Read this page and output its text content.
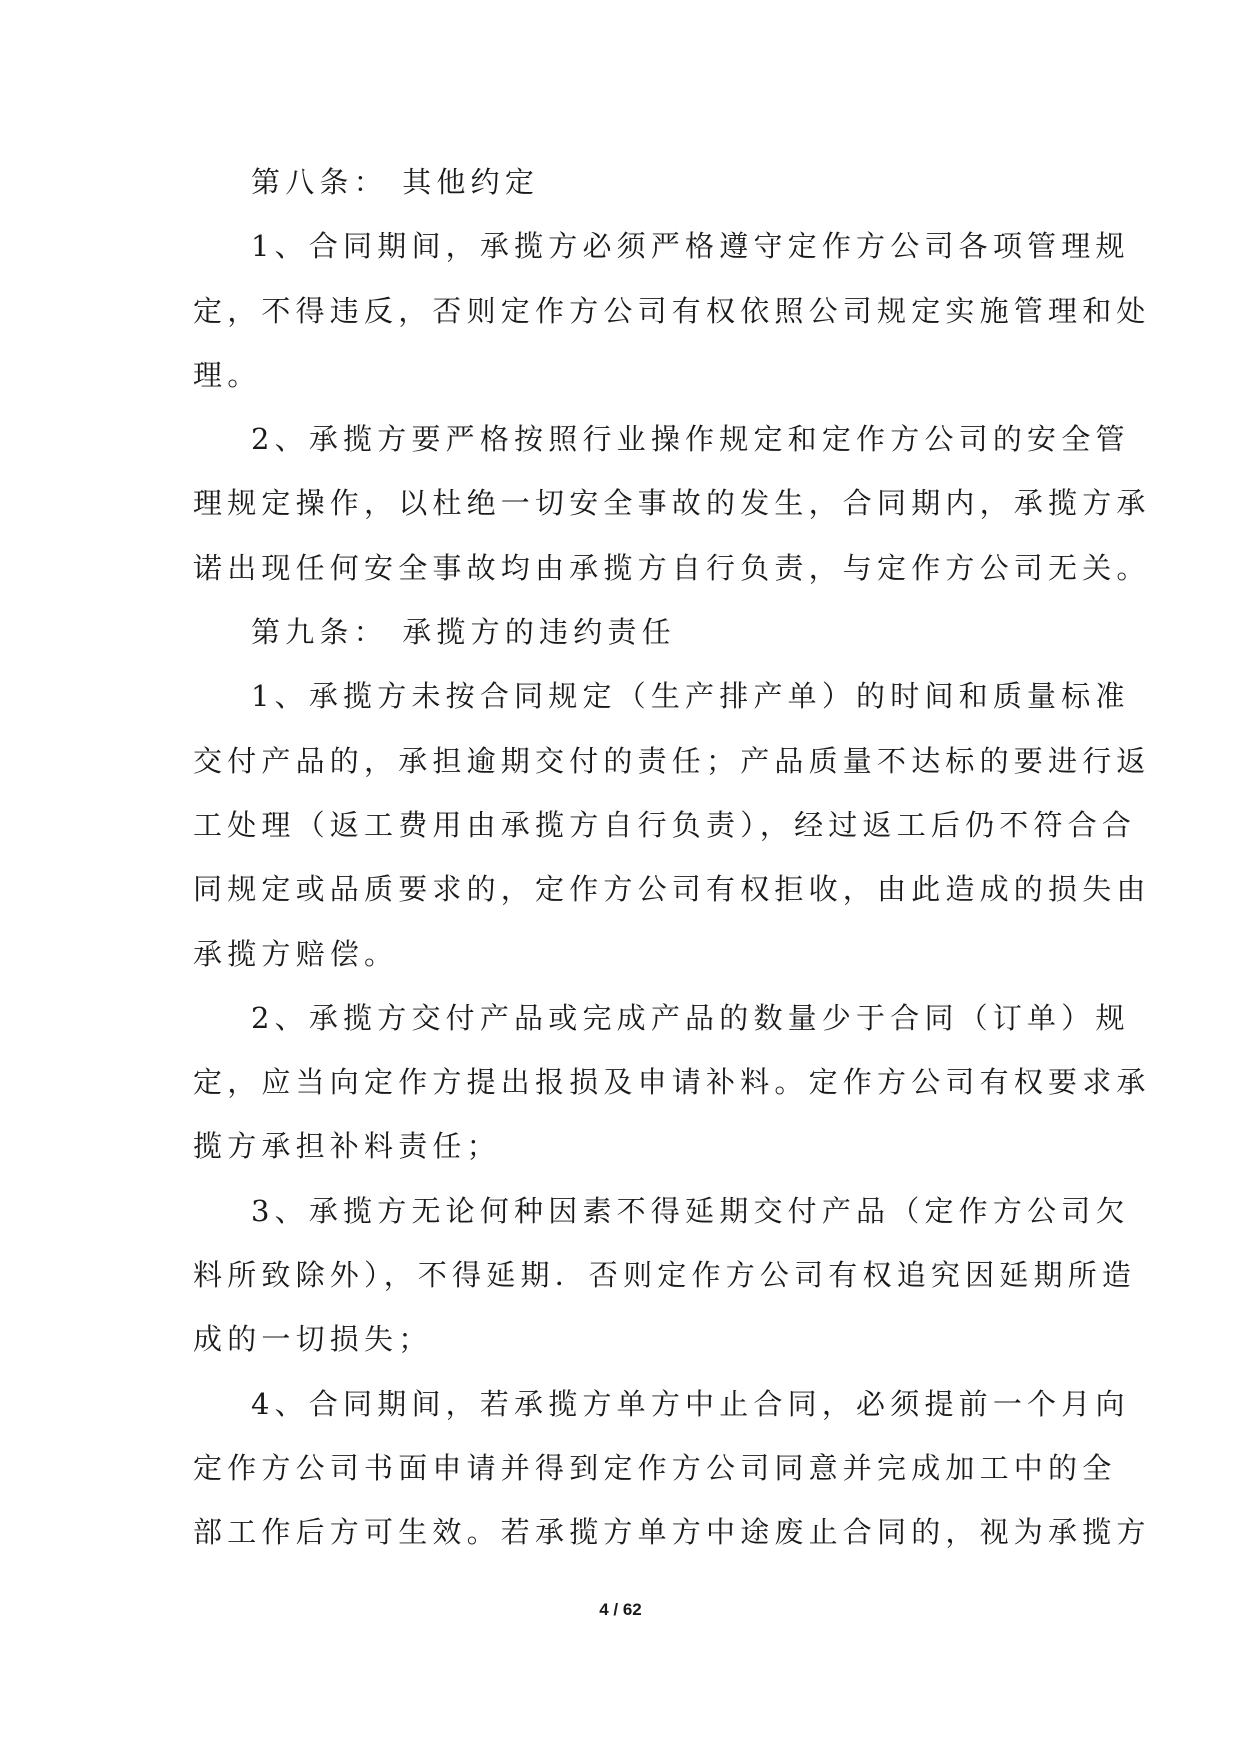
第八条： 其他约定
1、合同期间，承揽方必须严格遵守定作方公司各项管理规
定，不得违反，否则定作方公司有权依照公司规定实施管理和处
理。
2、承揽方要严格按照行业操作规定和定作方公司的安全管
理规定操作，以杜绝一切安全事故的发生，合同期内，承揽方承
诺出现任何安全事故均由承揽方自行负责，与定作方公司无关。
第九条： 承揽方的违约责任
1、承揽方未按合同规定（生产排产单）的时间和质量标准
交付产品的，承担逾期交付的责任；产品质量不达标的要进行返
工处理（返工费用由承揽方自行负责），经过返工后仍不符合合
同规定或品质要求的，定作方公司有权拒收，由此造成的损失由
承揽方赔偿。
2、承揽方交付产品或完成产品的数量少于合同（订单）规
定，应当向定作方提出报损及申请补料。定作方公司有权要求承
揽方承担补料责任；
3、承揽方无论何种因素不得延期交付产品（定作方公司欠
料所致除外），不得延期．否则定作方公司有权追究因延期所造
成的一切损失；
4、合同期间，若承揽方单方中止合同，必须提前一个月向
定作方公司书面申请并得到定作方公司同意并完成加工中的全
部工作后方可生效。若承揽方单方中途废止合同的，视为承揽方
4 / 62
